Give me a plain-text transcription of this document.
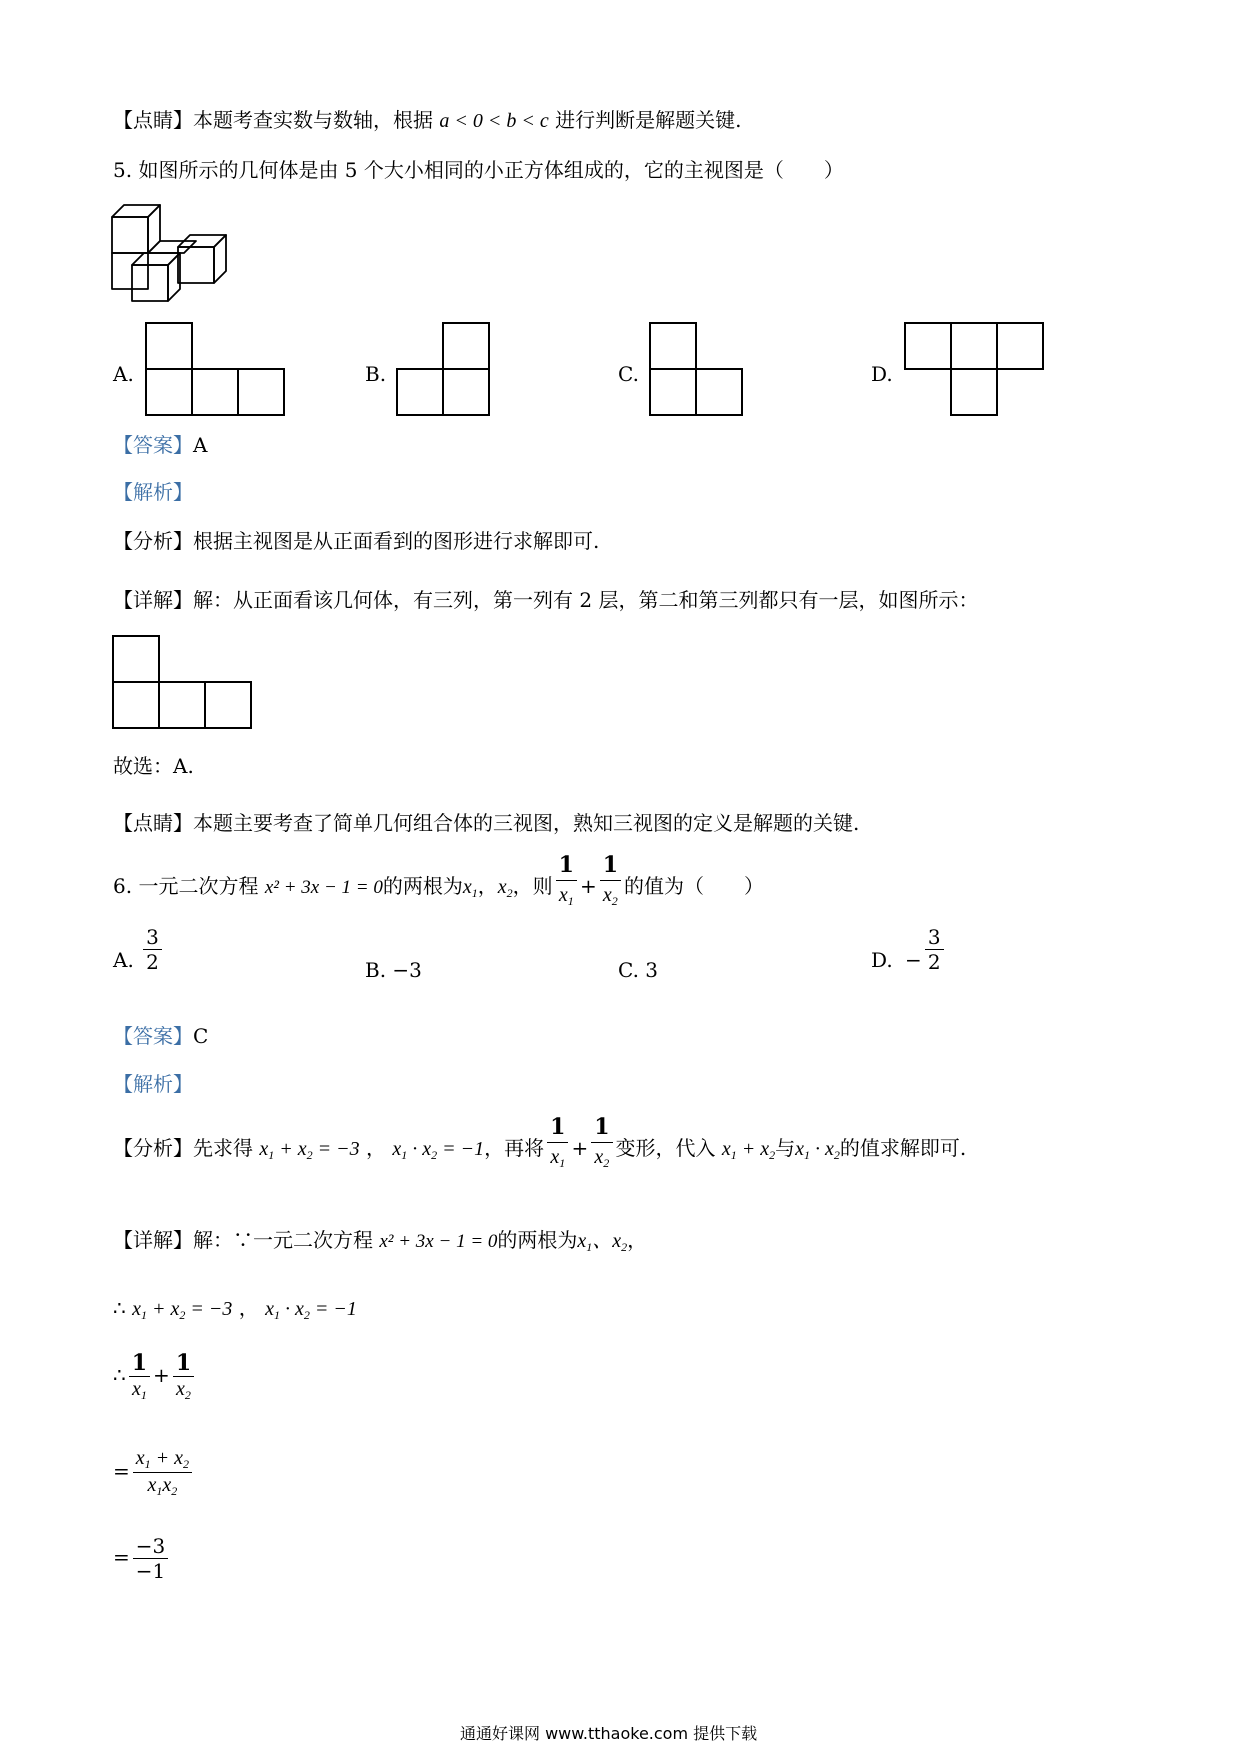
【点睛】本题考查实数与数轴，根据 a < 0 < b < c 进行判断是解题关键.
5. 如图所示的几何体是由 5 个大小相同的小正方体组成的，它的主视图是（　　）
A.	B.	C.	D.
【答案】A
【解析】
【分析】根据主视图是从正面看到的图形进行求解即可.
【详解】解：从正面看该几何体，有三列，第一列有 2 层，第二和第三列都只有一层，如图所示：
故选：A.
【点睛】本题主要考查了简单几何组合体的三视图，熟知三视图的定义是解题的关键.
6. 一元二次方程 x² + 3x − 1 = 0的两根为$x_1$，$x_2$，则 $\frac{1}{x_1} + \frac{1}{x_2}$ 的值为（　　）
A. $\frac{3}{2}$	B. −3	C. 3	D. − $\frac{3}{2}$
【答案】C
【解析】
【分析】先求得 $x_1 + x_2 = -3$ ， $x_1 \cdot x_2 = -1$，再将 $\frac{1}{x_1} + \frac{1}{x_2}$ 变形，代入 $x_1 + x_2$与$x_1 \cdot x_2$的值求解即可.
【详解】解：∵一元二次方程 x² + 3x − 1 = 0的两根为$x_1$、$x_2$，
∴ $x_1 + x_2 = -3$ ， $x_1 \cdot x_2 = -1$
∴ $\frac{1}{x_1} + \frac{1}{x_2}$
= $\frac{x_1 + x_2}{x_1x_2}$
= $\frac{-3}{-1}$
通通好课网 www.tthaoke.com 提供下载
